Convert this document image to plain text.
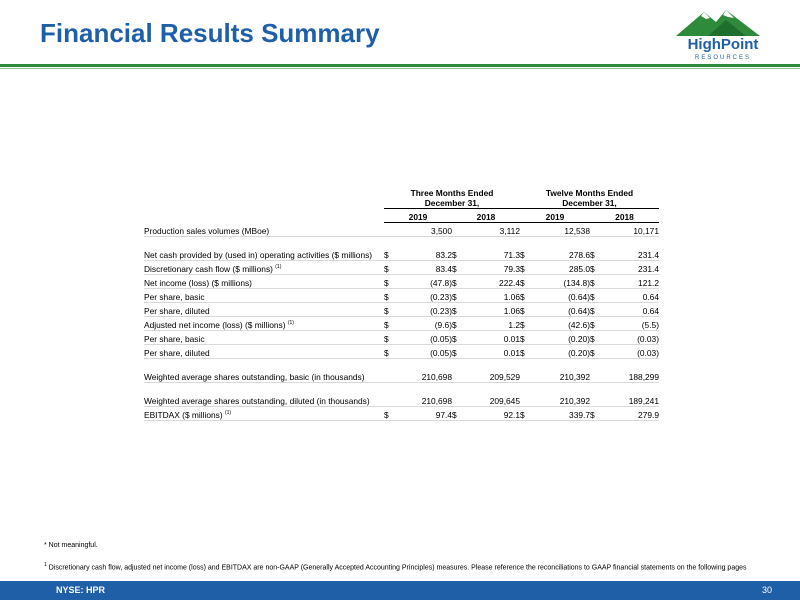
Financial Results Summary	HighPoint
RESOURCES
	Three Months Ended
December 31,				Twelve Months Ended
December 31,			
	2019		2018		2019		2018	
Production sales volumes (MBoe)		3,500		3,112		12,538		10,171
Net cash provided by (used in) operating activities ($ millions)	$	83.2	$	71.3	$	278.6	$	231.4
Discretionary cash flow ($ millions) $^{(1)}$	$	83.4	$	79.3	$	285.0	$	231.4
Net income (loss) ($ millions)	$	(47.8)	$	222.4	$	(134.8)	$	121.2
Per share, basic	$	(0.23)	$	1.06	$	(0.64)	$	0.64
Per share, diluted	$	(0.23)	$	1.06	$	(0.64)	$	0.64
Adjusted net income (loss) ($ millions) $^{(1)}$	$	(9.6)	$	1.2	$	(42.6)	$	(5.5)
Per share, basic	$	(0.05)	$	0.01	$	(0.20)	$	(0.03)
Per share, diluted	$	(0.05)	$	0.01	$	(0.20)	$	(0.03)
Weighted average shares outstanding, basic (in thousands)		210,698		209,529		210,392		188,299
Weighted average shares outstanding, diluted (in thousands)		210,698		209,645		210,392		189,241
EBITDAX ($ millions) $^{(1)}$	$	97.4	$	92.1	$	339.7	$	279.9
* Not meaningful.
$^1$ Discretionary cash flow, adjusted net income (loss) and EBITDAX are non-GAAP (Generally Accepted Accounting Principles) measures. Please reference the reconciliations to GAAP financial statements on the following pages
NYSE: HPR	30
